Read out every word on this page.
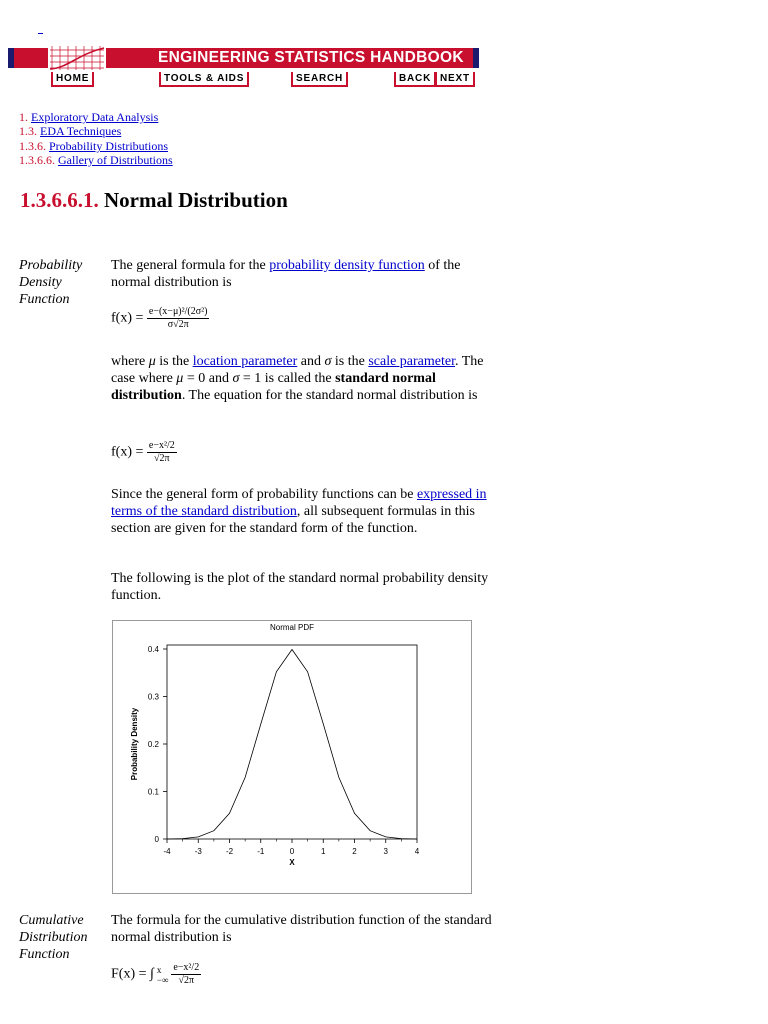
_
ENGINEERING STATISTICS HANDBOOK
HOME	TOOLS & AIDS	SEARCH	BACK NEXT
1. Exploratory Data Analysis
1.3. EDA Techniques
1.3.6. Probability Distributions
1.3.6.6. Gallery of Distributions
1.3.6.6.1. Normal Distribution
Probability
Density
Function
The general formula for the probability density function of the normal distribution is
$f(x) = \frac{\text{e−(x−μ)²/(2σ²)}}{\sigma√2\pi}$
where μ is the location parameter and σ is the scale parameter. The case where μ = 0 and σ = 1 is called the standard normal distribution. The equation for the standard normal distribution is
$f(x) = \frac{\text{e−x²/2}}{√2\pi}$
Since the general form of probability functions can be expressed in terms of the standard distribution, all subsequent formulas in this section are given for the standard form of the function.
The following is the plot of the standard normal probability density function.
Normal PDF
-4	-3	-2	-1	0	1	2	3	4
0
0.1
0.2
0.3
0.4
X
Probability Density
Cumulative
Distribution
Function
The formula for the cumulative distribution function of the standard normal distribution is
F(x) = ∫ x
−∞ $\frac{\text{e−x²/2}}{√2\pi}$
